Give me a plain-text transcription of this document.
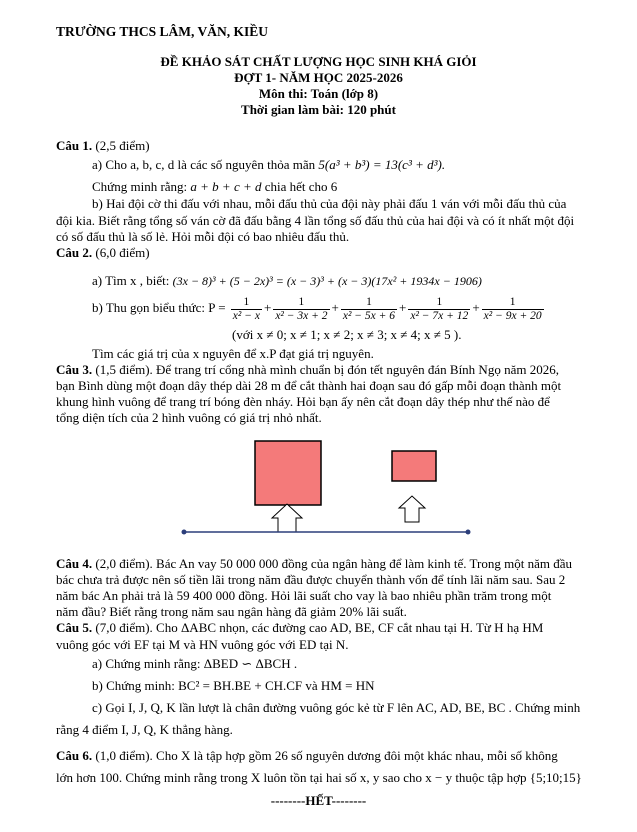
TRƯỜNG THCS LÂM, VĂN, KIỀU
ĐỀ KHẢO SÁT CHẤT LƯỢNG HỌC SINH KHÁ GIỎI
ĐỢT 1- NĂM HỌC 2025-2026
Môn thi: Toán (lớp 8)
Thời gian làm bài: 120 phút
Câu 1. (2,5 điểm)
a) Cho a, b, c, d là các số nguyên thỏa mãn 5(a³ + b³) = 13(c³ + d³).
Chứng minh rằng: a + b + c + d chia hết cho 6
b) Hai đội cờ thi đấu với nhau, mỗi đấu thủ của đội này phải đấu 1 ván với mỗi đấu thủ của
đội kia. Biết rằng tổng số ván cờ đã đấu bằng 4 lần tổng số đấu thủ của hai đội và có ít nhất một đội
có số đấu thủ là số lẻ. Hỏi mỗi đội có bao nhiêu đấu thủ.
Câu 2. (6,0 điểm)
a) Tìm x , biết: (3x − 8)³ + (5 − 2x)³ = (x − 3)³ + (x − 3)(17x² + 1934x − 1906)
b) Thu gọn biểu thức: $P = \frac{1}{\text{x² − x}} + \frac{1}{\text{x² − 3x + 2}} + \frac{1}{\text{x² − 5x + 6}} + \frac{1}{\text{x² − 7x + 12}} + \frac{1}{\text{x² − 9x + 20}}$
(với x ≠ 0; x ≠ 1; x ≠ 2; x ≠ 3; x ≠ 4; x ≠ 5 ).
Tìm các giá trị của x nguyên để x.P đạt giá trị nguyên.
Câu 3. (1,5 điểm). Để trang trí cổng nhà mình chuẩn bị đón tết nguyên đán Bính Ngọ năm 2026,
bạn Bình dùng một đoạn dây thép dài 28 m để cắt thành hai đoạn sau đó gấp mỗi đoạn thành một
khung hình vuông để trang trí bóng đèn nháy. Hỏi bạn ấy nên cắt đoạn dây thép như thế nào để
tổng diện tích của 2 hình vuông có giá trị nhỏ nhất.
Câu 4. (2,0 điểm). Bác An vay 50 000 000 đồng của ngân hàng để làm kinh tế. Trong một năm đầu
bác chưa trả được nên số tiền lãi trong năm đầu được chuyển thành vốn để tính lãi năm sau. Sau 2
năm bác An phải trả là 59 400 000 đồng. Hỏi lãi suất cho vay là bao nhiêu phần trăm trong một
năm đầu? Biết rằng trong năm sau ngân hàng đã giảm 20% lãi suất.
Câu 5. (7,0 điểm). Cho ΔABC nhọn, các đường cao AD, BE, CF cắt nhau tại H. Từ H hạ HM
vuông góc với EF tại M và HN vuông góc với ED tại N.
a) Chứng minh rằng: ΔBED ∽ ΔBCH .
b) Chứng minh: BC² = BH.BE + CH.CF và HM = HN
c) Gọi I, J, Q, K lần lượt là chân đường vuông góc kẻ từ F lên AC, AD, BE, BC . Chứng minh
rằng 4 điểm I, J, Q, K thẳng hàng.
Câu 6. (1,0 điểm). Cho X là tập hợp gồm 26 số nguyên dương đôi một khác nhau, mỗi số không
lớn hơn 100. Chứng minh rằng trong X luôn tồn tại hai số x, y sao cho x − y thuộc tập hợp {5;10;15}
--------HẾT--------
